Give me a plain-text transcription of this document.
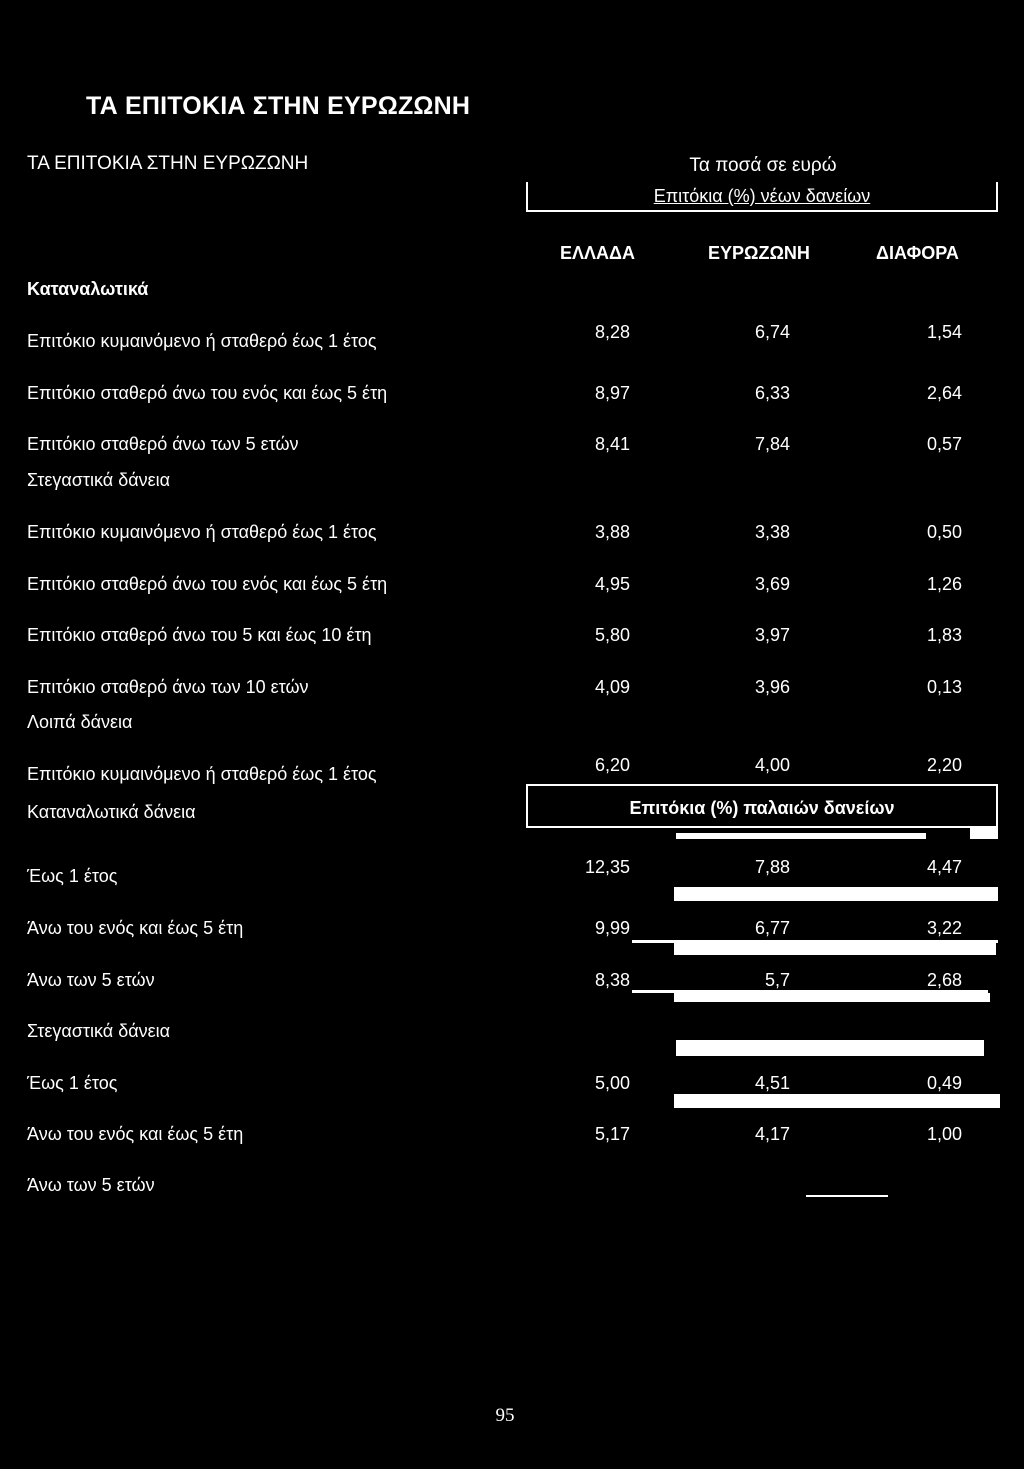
ΤΑ ΕΠΙΤΟΚΙΑ ΣΤΗΝ ΕΥΡΩΖΩΝΗ
ΤΑ ΕΠΙΤΟΚΙΑ ΣΤΗΝ ΕΥΡΩΖΩΝΗ	Τα ποσά σε ευρώ
Επιτόκια (%) νέων δανείων
ΕΛΛΑΔΑ	ΕΥΡΩΖΩΝΗ	ΔΙΑΦΟΡΑ
Καταναλωτικά
Επιτόκιο κυμαινόμενο ή σταθερό έως 1 έτος	8,28	6,74	1,54
Επιτόκιο σταθερό άνω του ενός και έως 5 έτη	8,97	6,33	2,64
Επιτόκιο σταθερό άνω των 5 ετών	8,41	7,84	0,57
Στεγαστικά δάνεια
Επιτόκιο κυμαινόμενο ή σταθερό έως 1 έτος	3,88	3,38	0,50
Επιτόκιο σταθερό άνω του ενός και έως 5 έτη	4,95	3,69	1,26
Επιτόκιο σταθερό άνω του 5 και έως 10 έτη	5,80	3,97	1,83
Επιτόκιο σταθερό άνω των 10 ετών	4,09	3,96	0,13
Λοιπά δάνεια
Επιτόκιο κυμαινόμενο ή σταθερό έως 1 έτος	6,20	4,00	2,20
Επιτόκια (%) παλαιών δανείων
Καταναλωτικά δάνεια
Έως 1 έτος	12,35	7,88	4,47
Άνω του ενός και έως 5 έτη	9,99	6,77	3,22
Άνω των 5 ετών	8,38	5,7	2,68
Στεγαστικά δάνεια
Έως 1 έτος	5,00	4,51	0,49
Άνω του ενός και έως 5 έτη	5,17	4,17	1,00
Άνω των 5 ετών
95
